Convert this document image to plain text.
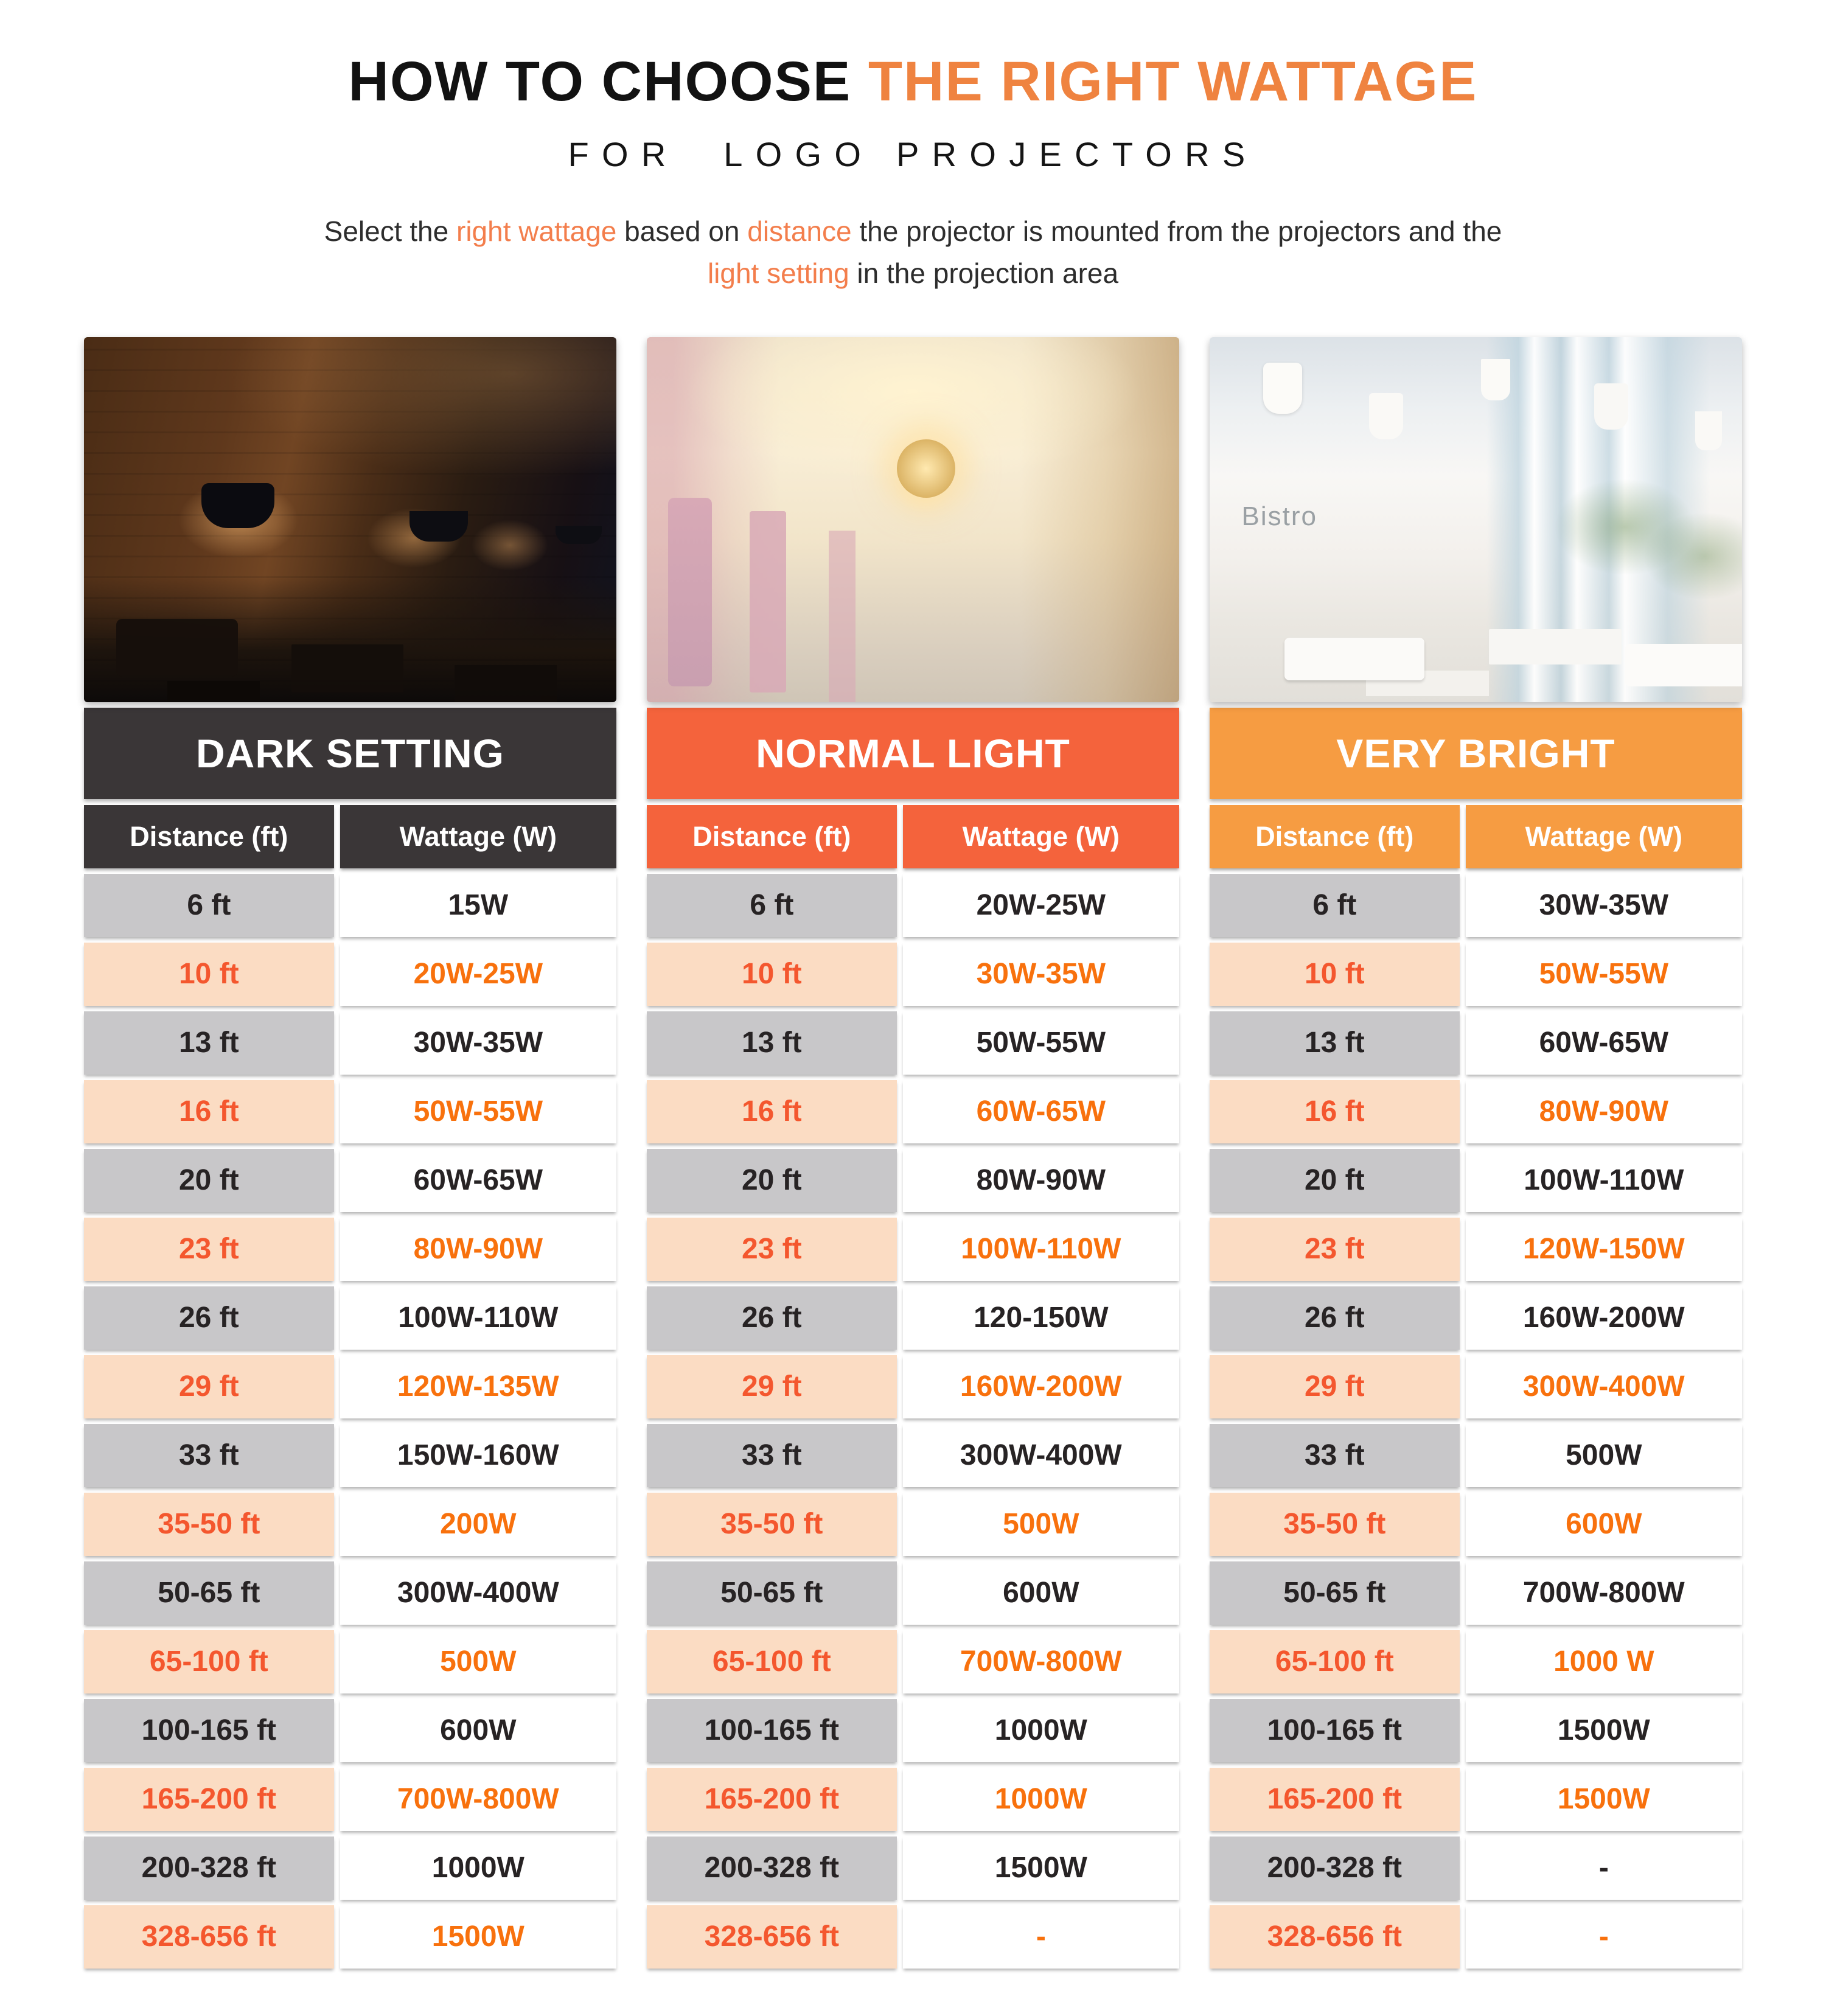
HOW TO CHOOSE THE RIGHT WATTAGE
FOR  LOGO PROJECTORS
Select the right wattage based on distance the projector is mounted from the projectors and the
light setting in the projection area
DARK SETTING
Distance (ft)	Wattage (W)
6 ft	15W
10 ft	20W-25W
13 ft	30W-35W
16 ft	50W-55W
20 ft	60W-65W
23 ft	80W-90W
26 ft	100W-110W
29 ft	120W-135W
33 ft	150W-160W
35-50 ft	200W
50-65 ft	300W-400W
65-100 ft	500W
100-165 ft	600W
165-200 ft	700W-800W
200-328 ft	1000W
328-656 ft	1500W
NORMAL LIGHT
Distance (ft)	Wattage (W)
6 ft	20W-25W
10 ft	30W-35W
13 ft	50W-55W
16 ft	60W-65W
20 ft	80W-90W
23 ft	100W-110W
26 ft	120-150W
29 ft	160W-200W
33 ft	300W-400W
35-50 ft	500W
50-65 ft	600W
65-100 ft	700W-800W
100-165 ft	1000W
165-200 ft	1000W
200-328 ft	1500W
328-656 ft	-
Bistro
VERY BRIGHT
Distance (ft)	Wattage (W)
6 ft	30W-35W
10 ft	50W-55W
13 ft	60W-65W
16 ft	80W-90W
20 ft	100W-110W
23 ft	120W-150W
26 ft	160W-200W
29 ft	300W-400W
33 ft	500W
35-50 ft	600W
50-65 ft	700W-800W
65-100 ft	1000 W
100-165 ft	1500W
165-200 ft	1500W
200-328 ft	-
328-656 ft	-
